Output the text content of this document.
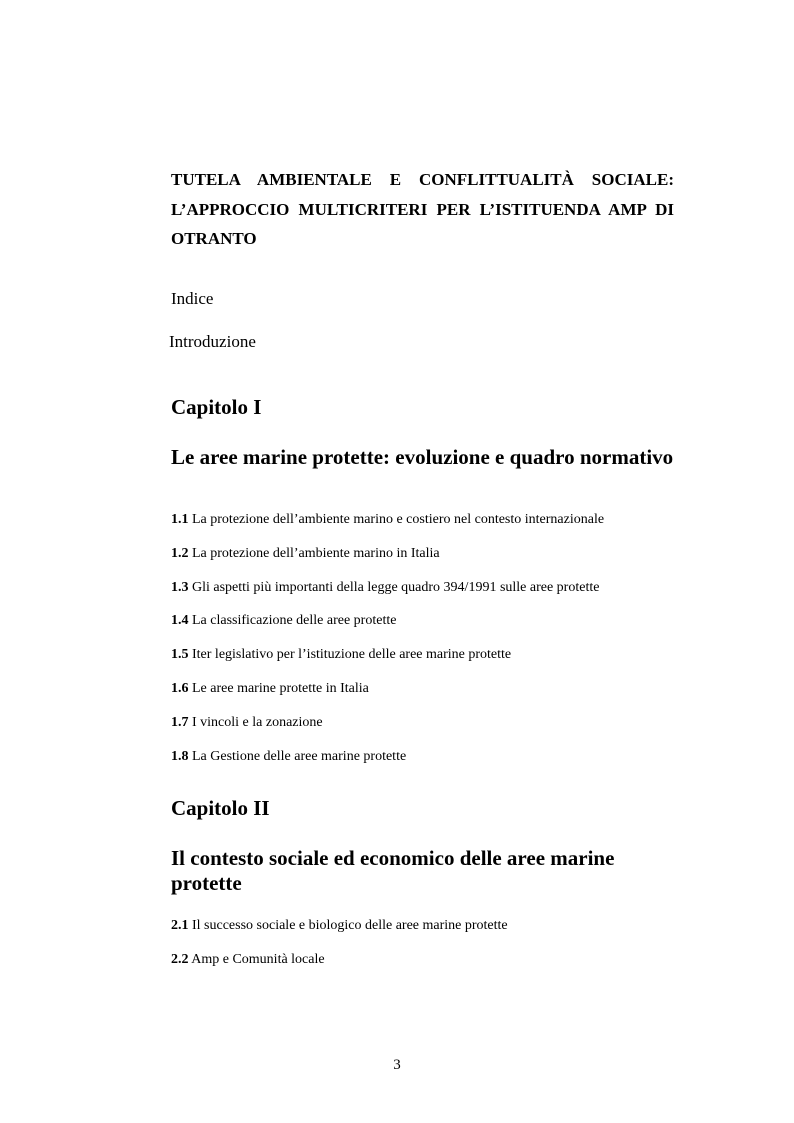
TUTELA AMBIENTALE E CONFLITTUALITÀ SOCIALE:
L’APPROCCIO MULTICRITERI PER L’ISTITUENDA AMP DI
OTRANTO

Indice

Introduzione

Capitolo I
Le aree marine protette: evoluzione e quadro normativo

1.1 La protezione dell’ambiente marino e costiero nel contesto internazionale

1.2 La protezione dell’ambiente marino in Italia

1.3 Gli aspetti più importanti della legge quadro 394/1991 sulle aree protette

1.4 La classificazione delle aree protette

1.5 Iter legislativo per l’istituzione delle aree marine protette

1.6 Le aree marine protette in Italia

1.7 I vincoli e la zonazione

1.8 La Gestione delle aree marine protette

Capitolo II
Il contesto sociale ed economico delle aree marine protette

2.1 Il successo sociale e biologico delle aree marine protette

2.2 Amp e Comunità locale

3
